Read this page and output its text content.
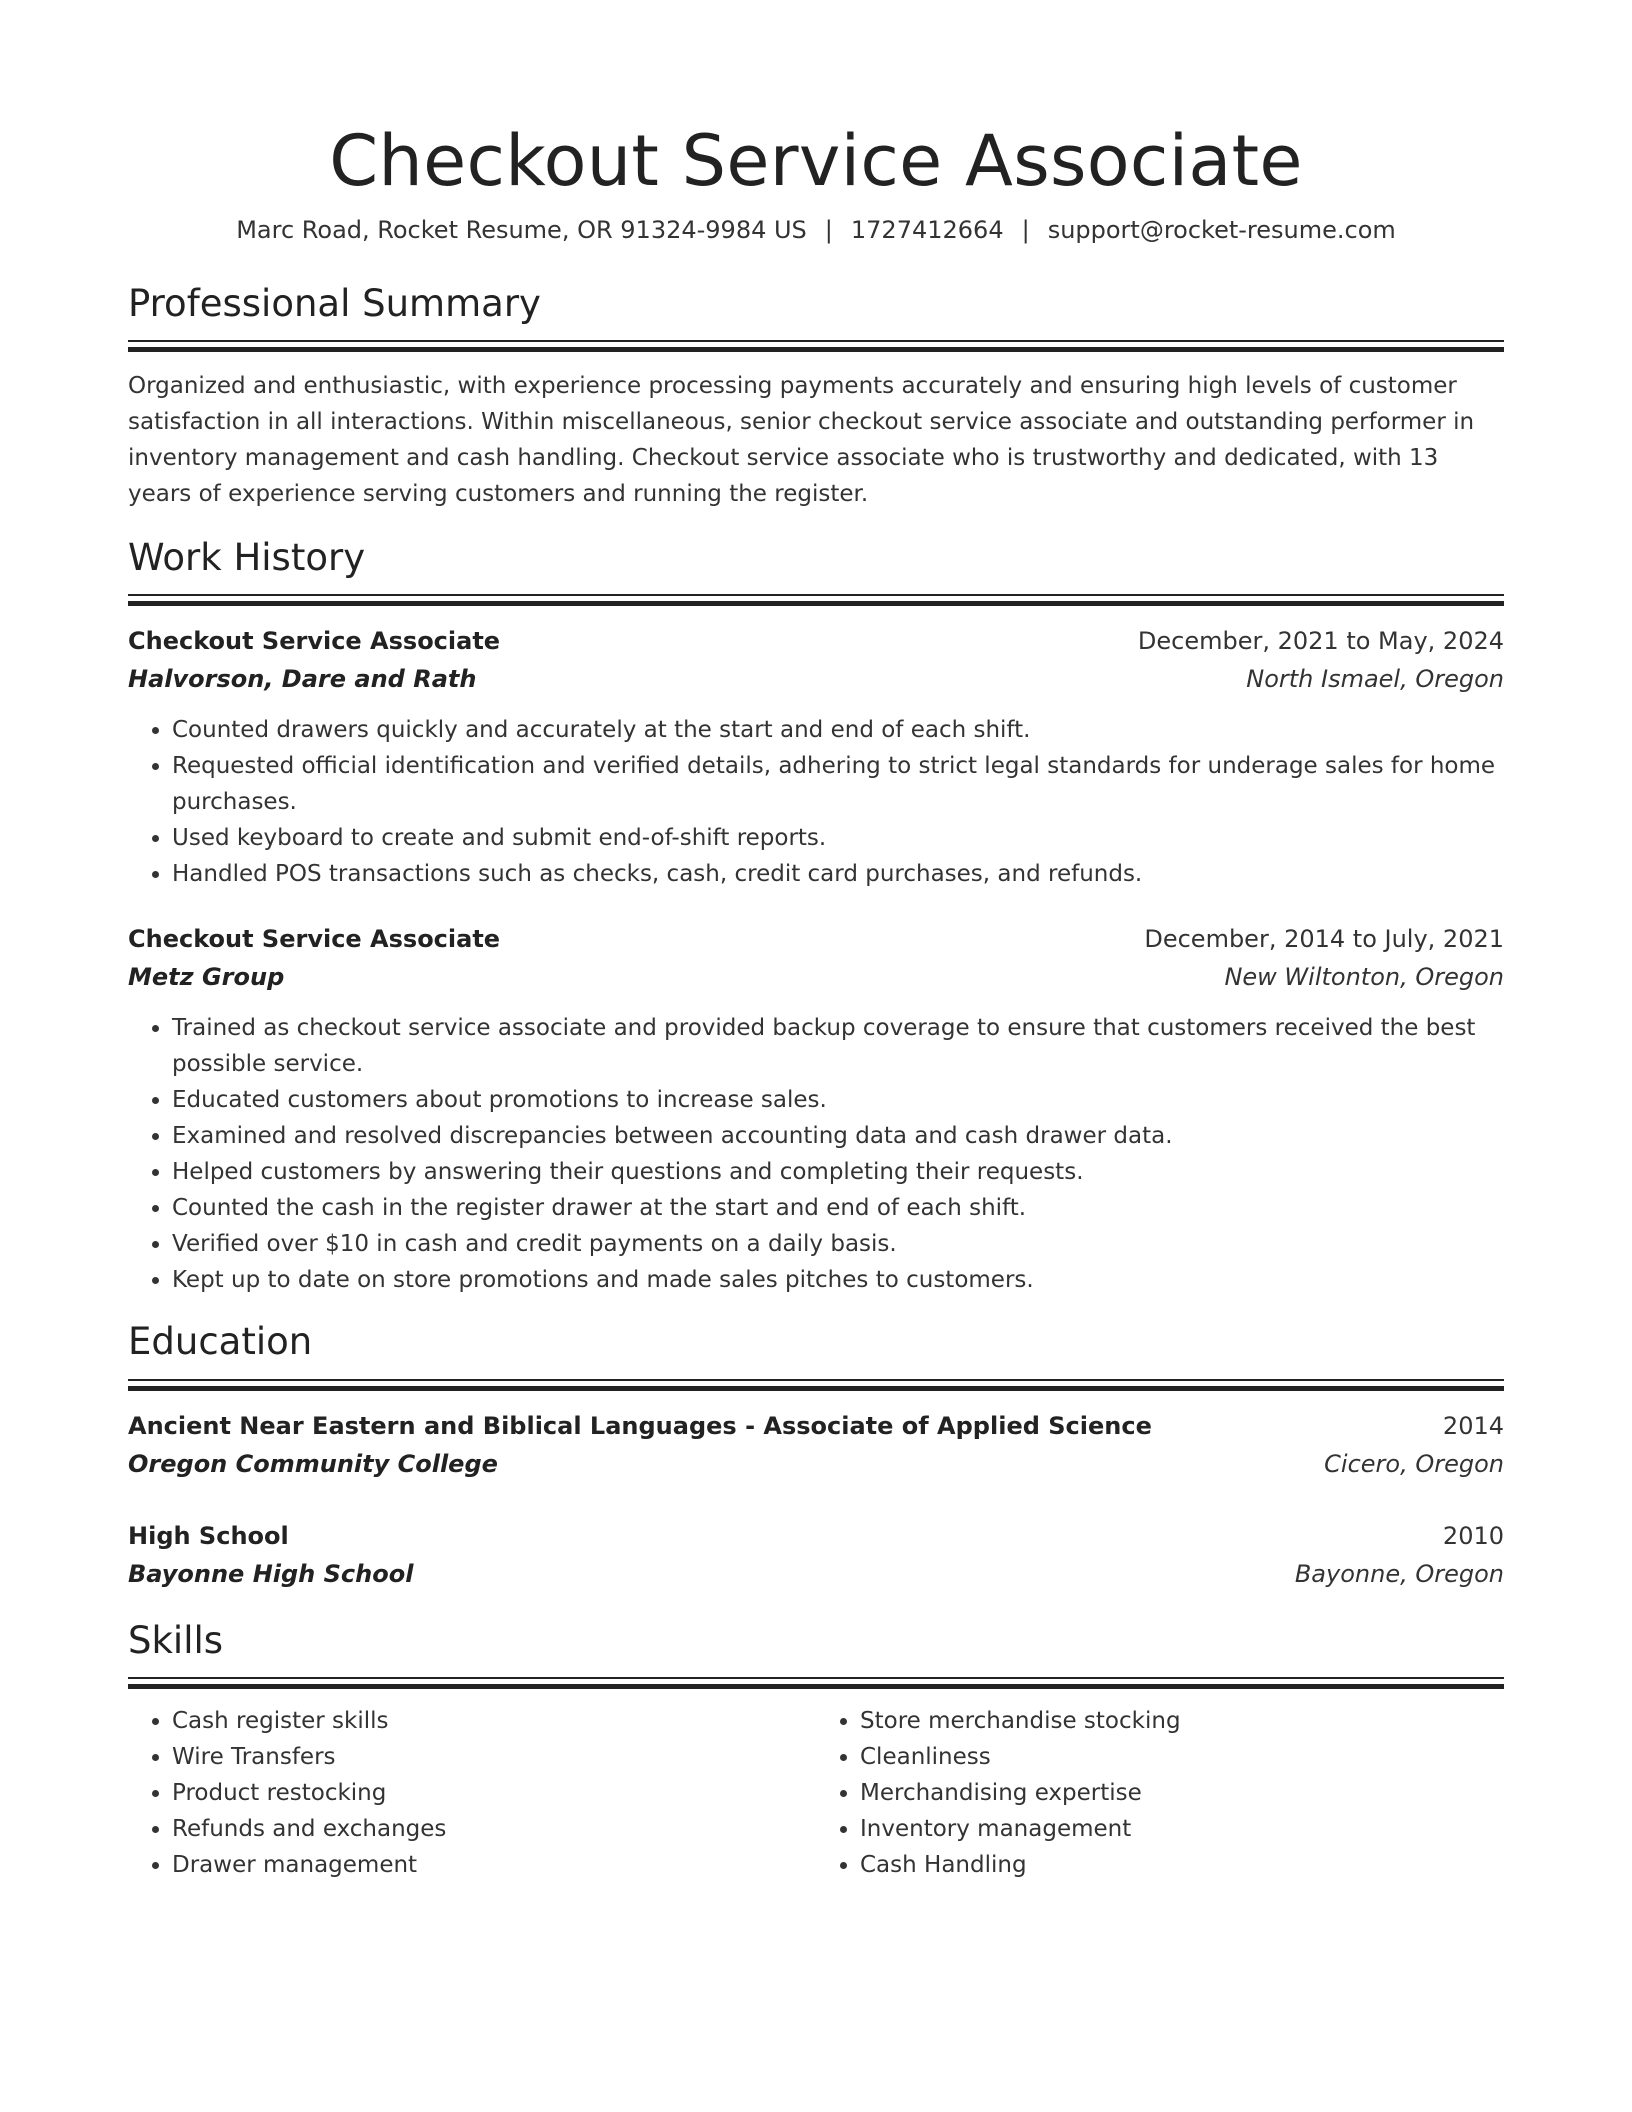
Checkout Service Associate
Marc Road, Rocket Resume, OR 91324-9984 US | 1727412664 | support@rocket-resume.com
Professional Summary

Organized and enthusiastic, with experience processing payments accurately and ensuring high levels of customer satisfaction in all interactions. Within miscellaneous, senior checkout service associate and outstanding performer in inventory management and cash handling. Checkout service associate who is trustworthy and dedicated, with 13 years of experience serving customers and running the register.

Work History
Checkout Service Associate	December, 2021 to May, 2024
Halvorson, Dare and Rath	North Ismael, Oregon
• Counted drawers quickly and accurately at the start and end of each shift.
• Requested official identification and verified details, adhering to strict legal standards for underage sales for home purchases.
• Used keyboard to create and submit end-of-shift reports.
• Handled POS transactions such as checks, cash, credit card purchases, and refunds.
Checkout Service Associate	December, 2014 to July, 2021
Metz Group	New Wiltonton, Oregon
• Trained as checkout service associate and provided backup coverage to ensure that customers received the best possible service.
• Educated customers about promotions to increase sales.
• Examined and resolved discrepancies between accounting data and cash drawer data.
• Helped customers by answering their questions and completing their requests.
• Counted the cash in the register drawer at the start and end of each shift.
• Verified over $10 in cash and credit payments on a daily basis.
• Kept up to date on store promotions and made sales pitches to customers.
Education
Ancient Near Eastern and Biblical Languages - Associate of Applied Science	2014
Oregon Community College	Cicero, Oregon
High School	2010
Bayonne High School	Bayonne, Oregon
Skills
• Cash register skills
• Wire Transfers
• Product restocking
• Refunds and exchanges
• Drawer management
• Store merchandise stocking
• Cleanliness
• Merchandising expertise
• Inventory management
• Cash Handling
